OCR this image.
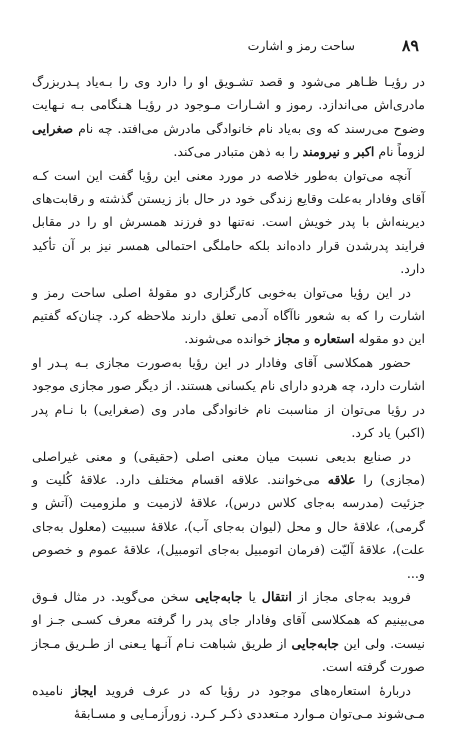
۸۹
ساحت رمز و اشارت

در رؤیـا ظـاهر می‌شود و قصد تشـویق او را دارد وی را بـه‌یاد پـدربزرگ مادری‌اش می‌اندازد. رموز و اشـارات مـوجود در رؤیـا هـنگامی بـه نـهایت وضوح می‌رسند که وی به‌یاد نام خانوادگی مادرش می‌افتد. چه نام صغرایی لزوماً نام اکبر و نیرومند را به ذهن متبادر می‌کند.

آنچه می‌توان به‌طور خلاصه در مورد معنی این رؤیا گفت این است کـه آقای وفادار به‌علت وقایع زندگی خود در حال باز زیستن گذشته و رقابت‌های دیرینه‌اش با پدر خویش است. نه‌تنها دو فرزند همسرش او را در مقابل فرایند پدرشدن قرار داده‌اند بلکه حاملگی احتمالی همسر نیز بر آن تأکید دارد.

در این رؤیا می‌توان به‌خوبی کارگزاری دو مقولهٔ اصلی ساحت رمز و اشارت را که به شعور ناآگاه آدمی تعلق دارند ملاحظه کرد. چنان‌که گفتیم این دو مقوله استعاره و مجاز خوانده می‌شوند.

حضور همکلاسی آقای وفادار در این رؤیا به‌صورت مجازی بـه پـدر او اشارت دارد، چه هردو دارای نام یکسانی هستند. از دیگر صور مجازی موجود در رؤیا می‌توان از مناسبت نام خانوادگی مادر وی (صغرایی) با نـام پدر (اکبر) یاد کرد.

در صنایع بدیعی نسبت میان معنی اصلی (حقیقی) و معنی غیراصلی (مجازی) را علاقه می‌خوانند. علاقه اقسام مختلف دارد. علاقهٔ کُلیت و جزئیت (مدرسه به‌جای کلاس درس)، علاقهٔ لازمیت و ملزومیت (آتش و گرمی)، علاقهٔ حال و محل (لیوان به‌جای آب)، علاقهٔ سببیت (معلول به‌جای علت)، علاقهٔ آلیّت (فرمان اتومبیل به‌جای اتومبیل)، علاقهٔ عموم و خصوص و...

فروید به‌جای مجاز از انتقال یا جابه‌جایی سخن می‌گوید. در مثال فـوق می‌بینیم که همکلاسی آقای وفادار جای پدر را گرفته معرف کسـی جـز او نیست. ولی این جابه‌جایی از طریق شباهت نـام آنـها یـعنی از طـریق مـجاز صورت گرفته است.

دربارهٔ استعاره‌های موجود در رؤیا که در عرف فروید ایجاز نامیده مـی‌شوند مـی‌توان مـوارد مـتعددی ذکـر کـرد. زوراَزمـایی و مسـابقهٔ
